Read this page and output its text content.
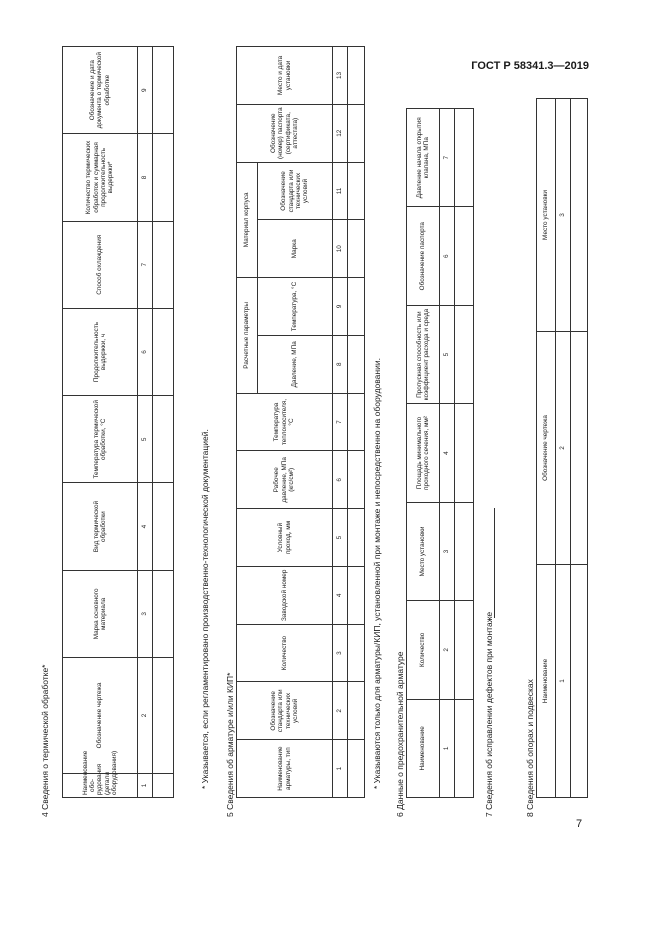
ГОСТ Р 58341.3—2019
4 Сведения о термической обработке*	Наименование обо-рудования (детали оборудования)	Обозначение чертежа	Марка основного материала	Вид термической обработки	Температура термической обработки, °С	Продолжительность выдержки, ч	Способ охлаждения	Количество термических обработок и суммарная продолжительность выдержки*	Обозначение и дата документа о термической обработке
1	2	3	4	5	6	7	8	9

* Указывается, если регламентировано производственно-технологической документацией. 5 Сведения об арматуре и/или КИП*	Наименование арматуры, тип	Обозначение стандарта или технических условий	Количество	Заводской номер	Условный проход, мм	Рабочее давление, МПа (кгс/см²)	Температура теплоносителя, °С	Расчетные параметры		Материал корпуса		Обозначение (номер) паспорта (сертификата, аттестата)	Место и дата установки
							Давление, МПа	Температура, °С	Марка	Обозначение стандарта или технических условий		
1	2	3	4	5	6	7	8	9	10	11	12	13

* Указываются только для арматуры/КИП, установленной при монтаже и непосредственно на оборудовании. 6 Данные о предохранительной арматуре Наименование	Количество	Место установки	Площадь минимального проходного сечения, мм²	Пропускная способность или коэффициент расхода и среда	Обозначение паспорта	Давление начала открытия клапана, МПа
1	2	3	4	5	6	7

7 Сведения об исправлении дефектов при монтаже	8 Сведения об опорах и подвесках Наименование	Обозначение чертежа	Место установки
1	2	3

7
